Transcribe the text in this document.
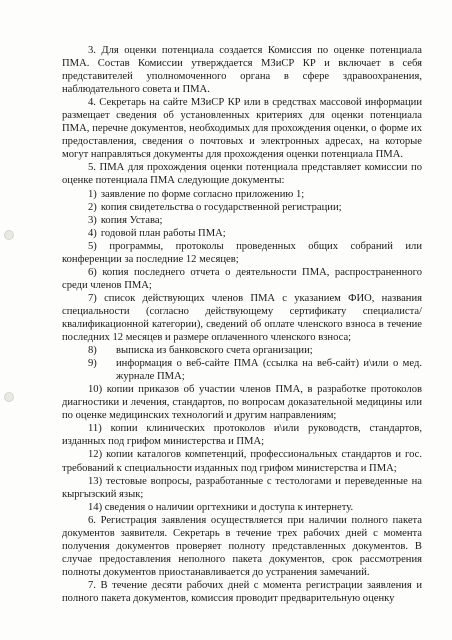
3. Для оценки потенциала создается Комиссия по оценке потенциала ПМА. Состав Комиссии утверждается МЗиСР КР и включает в себя представителей уполномоченного органа в сфере здравоохранения, наблюдательного совета и ПМА.

4. Секретарь на сайте МЗиСР КР или в средствах массовой информации размещает сведения об установленных критериях для оценки потенциала ПМА, перечне документов, необходимых для прохождения оценки, о форме их предоставления, сведения о почтовых и электронных адресах, на которые могут направляться документы для прохождения оценки потенциала ПМА.

5. ПМА для прохождения оценки потенциала представляет комиссии по оценке потенциала ПМА следующие документы:

1) заявление по форме согласно приложению 1;
2) копия свидетельства о государственной регистрации;
3) копия Устава;
4) годовой план работы ПМА;

5) программы, протоколы проведенных общих собраний или конференции за последние 12 месяцев;

6) копия последнего отчета о деятельности ПМА, распространенного среди членов ПМА;

7) список действующих членов ПМА с указанием ФИО, названия специальности (согласно действующему сертификату специалиста/квалификационной категории), сведений об оплате членского взноса в течение последних 12 месяцев и размере оплаченного членского взноса;

8)	выписка из банковского счета организации;
9)	информация о веб-сайте ПМА (ссылка на веб-сайт) и\или о мед. журнале ПМА;

10) копии приказов об участии членов ПМА, в разработке протоколов диагностики и лечения, стандартов, по вопросам доказательной медицины или по оценке медицинских технологий и другим направлениям;

11) копии клинических протоколов и\или руководств, стандартов, изданных под грифом министерства и ПМА;

12) копии каталогов компетенций, профессиональных стандартов и гос. требований к специальности изданных под грифом министерства и ПМА;

13) тестовые вопросы, разработанные с тестологами и переведенные на кыргызский язык;

14) сведения о наличии оргтехники и доступа к интернету.

6. Регистрация заявления осуществляется при наличии полного пакета документов заявителя. Секретарь в течение трех рабочих дней с момента получения документов проверяет полноту представленных документов. В случае предоставления неполного пакета документов, срок рассмотрения полноты документов приостанавливается до устранения замечаний.

7. В течение десяти рабочих дней с момента регистрации заявления и полного пакета документов, комиссия проводит предварительную оценку
